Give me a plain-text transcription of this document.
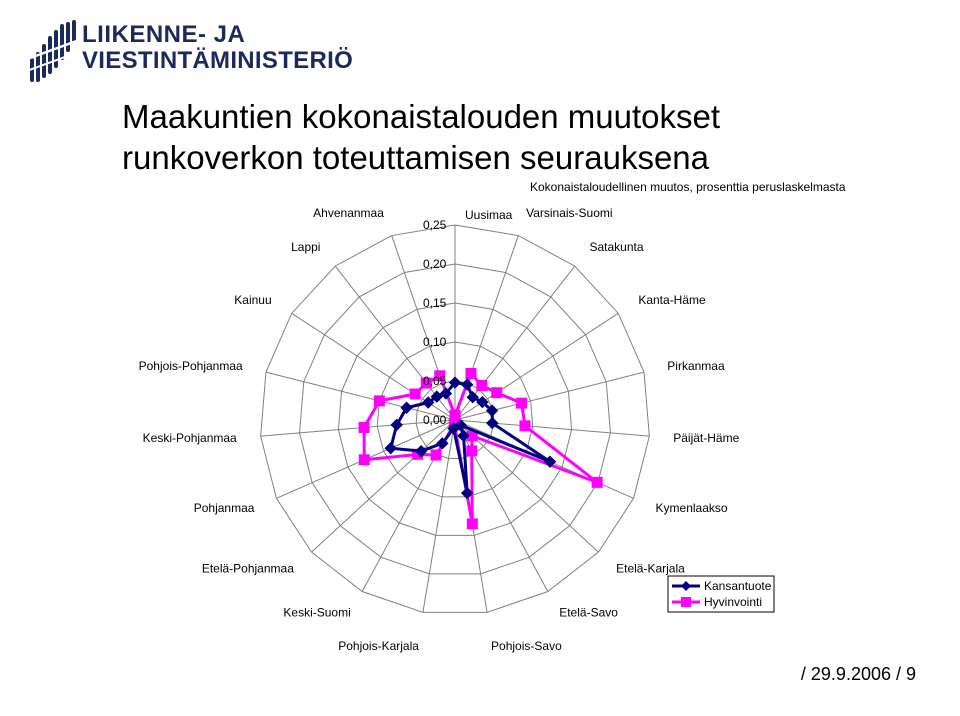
LIIKENNE- JA
VIESTINTÄMINISTERIÖ
Maakuntien kokonaistalouden muutokset runkoverkon toteuttamisen seurauksena
0,00
0,05
0,10
0,15
0,20
0,25
Uusimaa Varsinais-Suomi
Satakunta
Kanta-Häme
Pirkanmaa
Päijät-Häme
Kymenlaakso
Etelä-Karjala
Etelä-Savo
Pohjois-Savo
Pohjois-Karjala
Keski-Suomi
Etelä-Pohjanmaa
Pohjanmaa
Keski-Pohjanmaa
Pohjois-Pohjanmaa
Kainuu
Lappi
Ahvenanmaa
Kokonaistaloudellinen muutos, prosenttia peruslaskelmasta
Kansantuote
Hyvinvointi
/ 29.9.2006 / 9
